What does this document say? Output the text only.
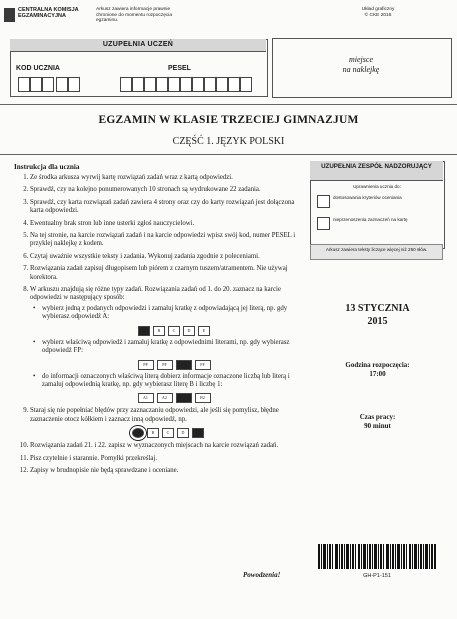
CENTRALNA KOMISJA EGZAMINACYJNA
Arkusz zawiera informacje prawnie chronione do momentu rozpoczęcia egzaminu.
Układ graficzny
© CKE 2015
UZUPEŁNIA UCZEŃ
KOD UCZNIA	PESEL
miejsce
na naklejkę
EGZAMIN W KLASIE TRZECIEJ GIMNAZJUM
CZĘŚĆ 1. JĘZYK POLSKI
Instrukcja dla ucznia
1. Ze środka arkusza wyrwij kartę rozwiązań zadań wraz z kartą odpowiedzi.
2. Sprawdź, czy na kolejno ponumerowanych 10 stronach są wydrukowane 22 zadania.
3. Sprawdź, czy karta rozwiązań zadań zawiera 4 strony oraz czy do karty rozwiązań jest dołączona karta odpowiedzi.
4. Ewentualny brak stron lub inne usterki zgłoś nauczycielowi.
5. Na tej stronie, na karcie rozwiązań zadań i na karcie odpowiedzi wpisz swój kod, numer PESEL i przyklej naklejkę z kodem.
6. Czytaj uważnie wszystkie teksty i zadania. Wykonuj zadania zgodnie z poleceniami.
7. Rozwiązania zadań zapisuj długopisem lub piórem z czarnym tuszem/atramentem. Nie używaj korektora.
8. W arkuszu znajdują się różne typy zadań. Rozwiązania zadań od 1. do 20. zaznacz na karcie odpowiedzi w następujący sposób:
• wybierz jedną z podanych odpowiedzi i zamaluj kratkę z odpowiadającą jej literą, np. gdy wybierasz odpowiedź A:
A	B	C	D	E
• wybierz właściwą odpowiedź i zamaluj kratkę z odpowiednimi literami, np. gdy wybierasz odpowiedź FP:
PP	PF	FP	FF
• do informacji oznaczonych właściwą literą dobierz informacje oznaczone liczbą lub literą i zamaluj odpowiednią kratkę, np. gdy wybierasz literę B i liczbę 1:
A1	A2	B1	B2
9. Staraj się nie popełniać błędów przy zaznaczaniu odpowiedzi, ale jeśli się pomylisz, błędne zaznaczenie otocz kółkiem i zaznacz inną odpowiedź, np.
A	B	C	D	E
10. Rozwiązania zadań 21. i 22. zapisz w wyznaczonych miejscach na karcie rozwiązań zadań.
11. Pisz czytelnie i starannie. Pomyłki przekreślaj.
12. Zapisy w brudnopisie nie będą sprawdzane i oceniane.
UZUPEŁNIA ZESPÓŁ NADZORUJĄCY
Uprawnienia ucznia do:
dostosowania kryteriów oceniania
nieprzenoszenia zaznaczeń na kartę
Arkusz zawiera teksty liczące więcej niż 250 słów.
13 STYCZNIA
2015
Godzina rozpoczęcia:
17:00
Czas pracy:
90 minut
Powodzenia!	GH-P1-151
